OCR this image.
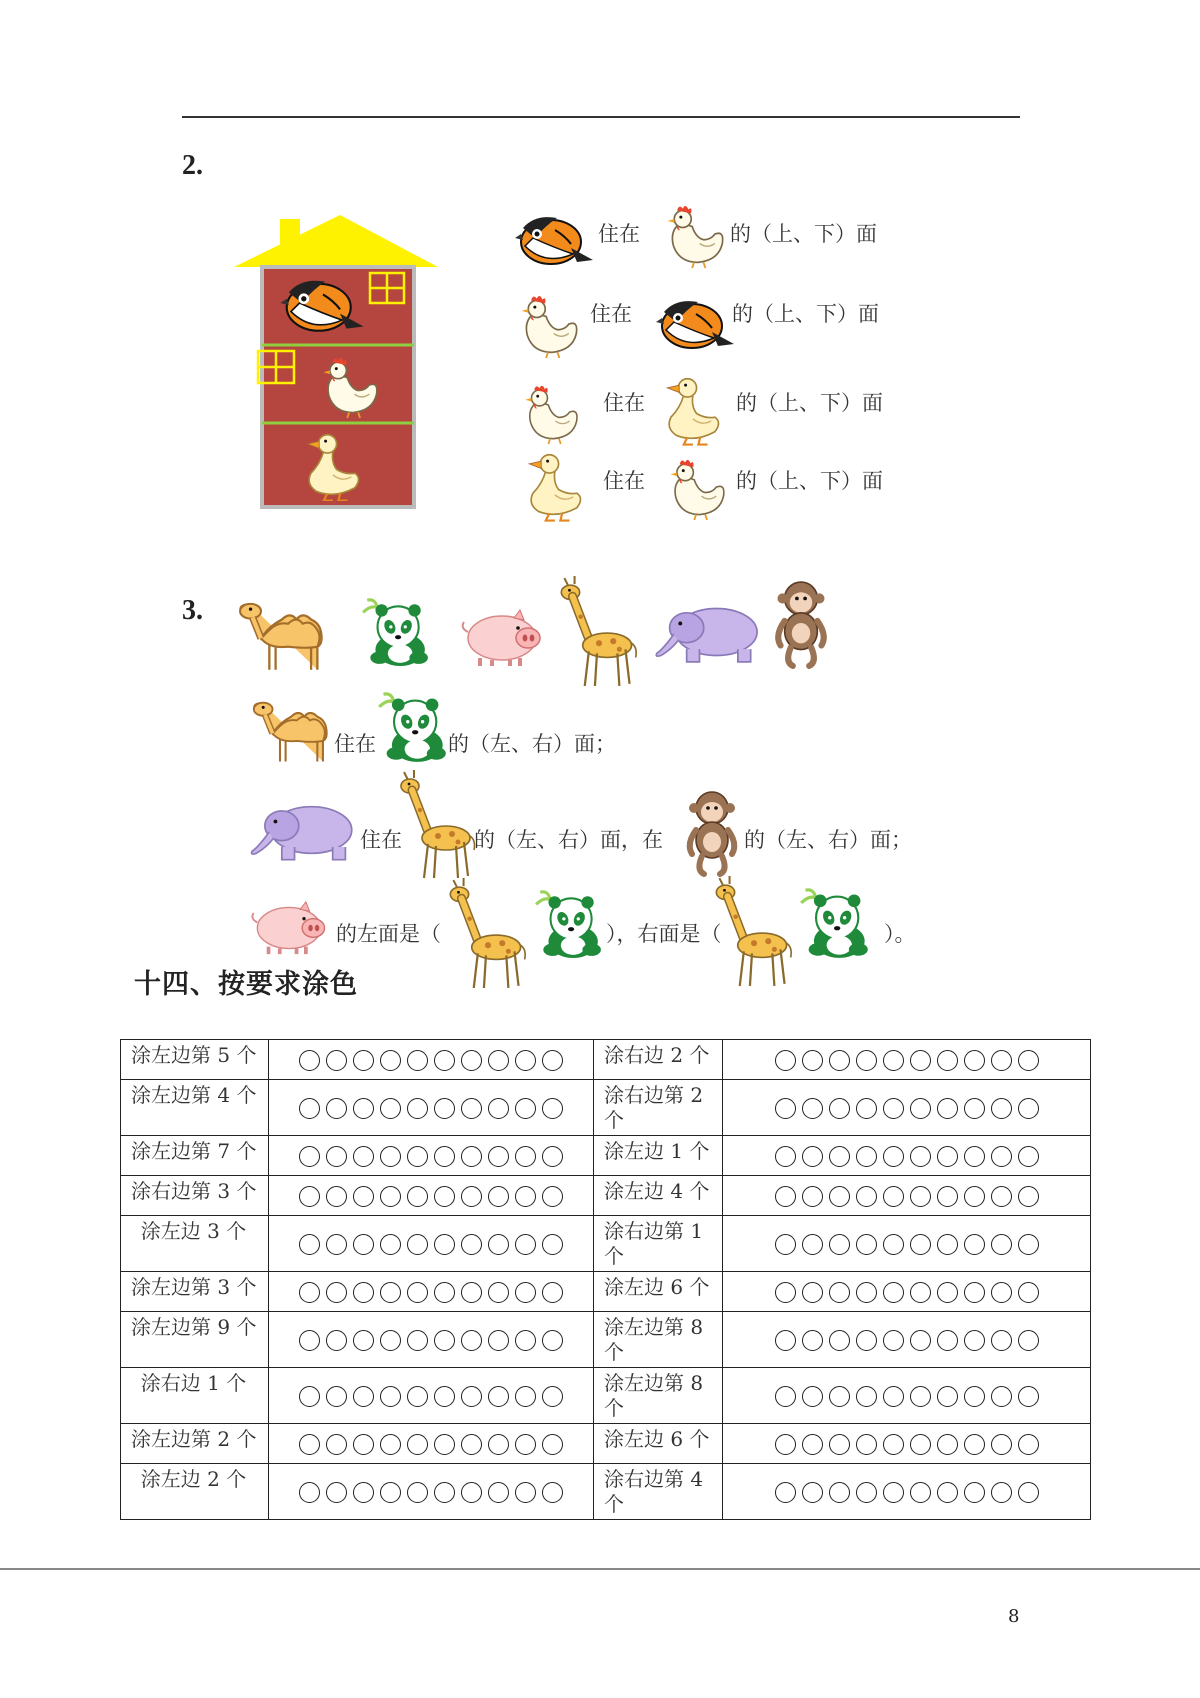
2.
住在	的（上、下）面
住在	的（上、下）面
住在	的（上、下）面
住在	的（上、下）面
3.
住在	的（左、右）面；
住在	的（左、右）面，在	的（左、右）面；
的左面是（	），右面是（	）。
十四、按要求涂色
涂左边第 5 个		涂右边 2 个	
涂左边第 4 个		涂右边第 2 个	
涂左边第 7 个		涂左边 1 个	
涂右边第 3 个		涂左边 4 个	
涂左边 3 个		涂右边第 1 个	
涂左边第 3 个		涂左边 6 个	
涂左边第 9 个		涂左边第 8 个	
涂右边 1 个		涂左边第 8 个	
涂左边第 2 个		涂左边 6 个	
涂左边 2 个		涂右边第 4 个	
8
